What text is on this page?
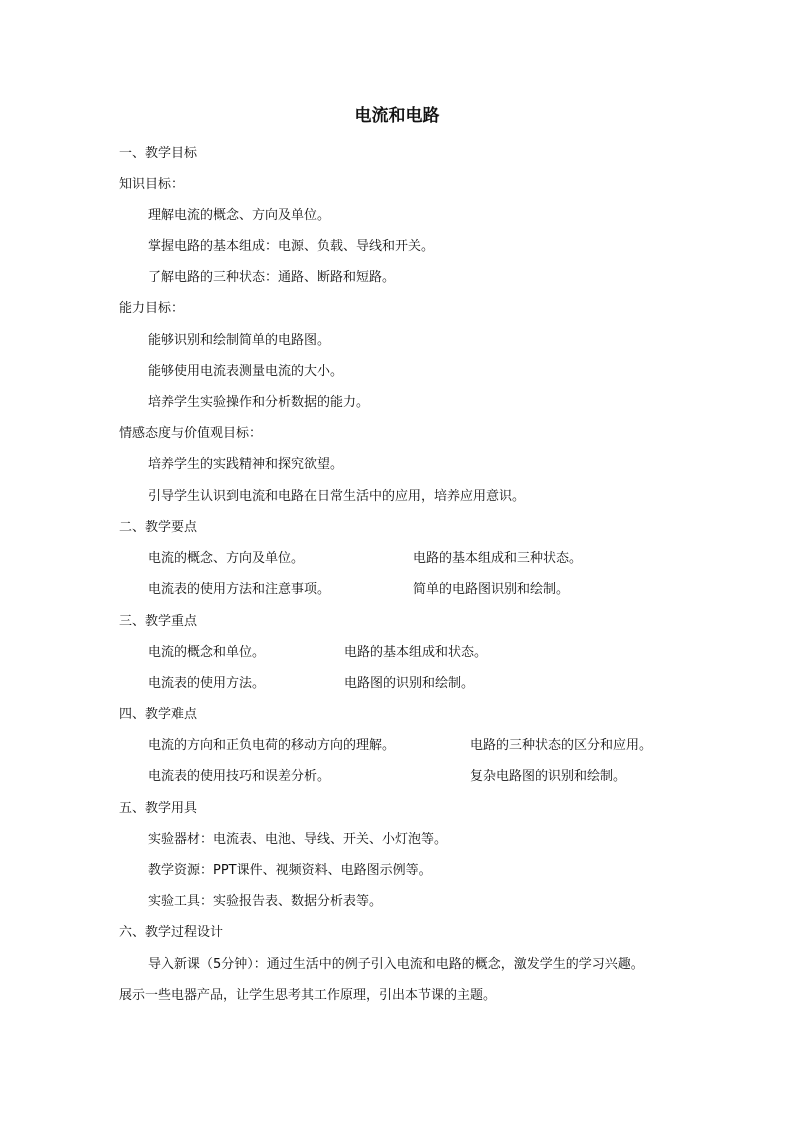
电流和电路
一、教学目标
知识目标：
理解电流的概念、方向及单位。
掌握电路的基本组成：电源、负载、导线和开关。
了解电路的三种状态：通路、断路和短路。
能力目标：
能够识别和绘制简单的电路图。
能够使用电流表测量电流的大小。
培养学生实验操作和分析数据的能力。
情感态度与价值观目标：
培养学生的实践精神和探究欲望。
引导学生认识到电流和电路在日常生活中的应用，培养应用意识。
二、教学要点
电流的概念、方向及单位。	电路的基本组成和三种状态。
电流表的使用方法和注意事项。	简单的电路图识别和绘制。
三、教学重点
电流的概念和单位。	电路的基本组成和状态。
电流表的使用方法。	电路图的识别和绘制。
四、教学难点
电流的方向和正负电荷的移动方向的理解。	电路的三种状态的区分和应用。
电流表的使用技巧和误差分析。	复杂电路图的识别和绘制。
五、教学用具
实验器材：电流表、电池、导线、开关、小灯泡等。
教学资源：PPT课件、视频资料、电路图示例等。
实验工具：实验报告表、数据分析表等。
六、教学过程设计
导入新课（5分钟）：通过生活中的例子引入电流和电路的概念，激发学生的学习兴趣。
展示一些电器产品，让学生思考其工作原理，引出本节课的主题。
